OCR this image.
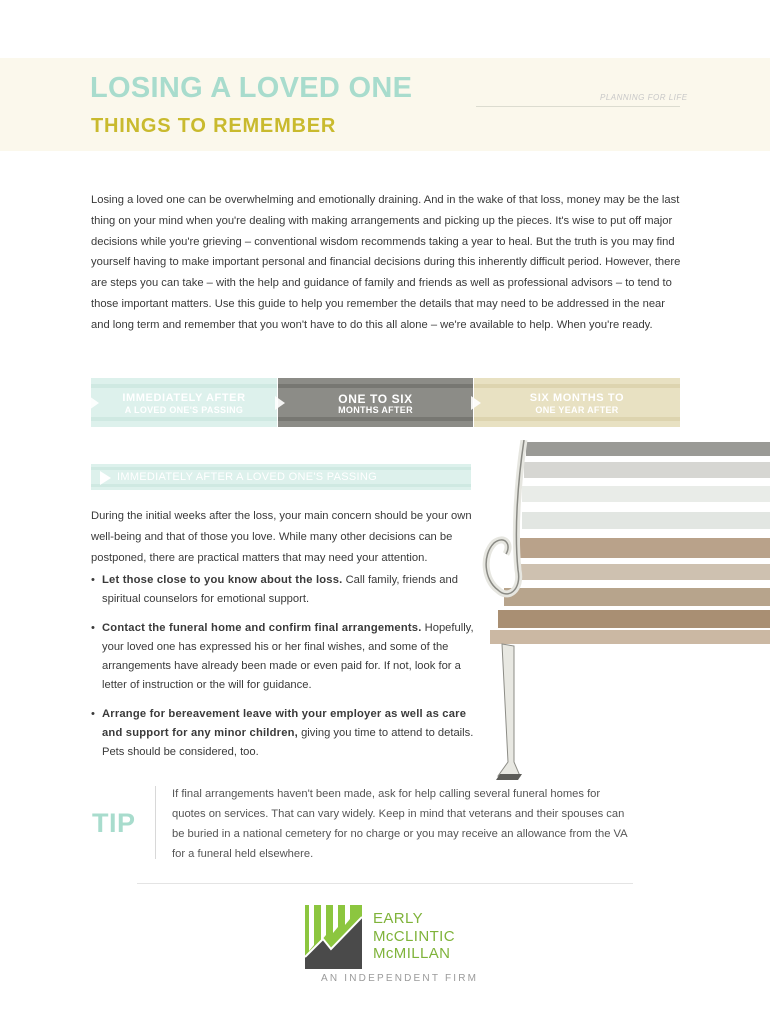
LOSING A LOVED ONE
THINGS TO REMEMBER
PLANNING FOR LIFE
Losing a loved one can be overwhelming and emotionally draining. And in the wake of that loss, money may be the last thing on your mind when you're dealing with making arrangements and picking up the pieces. It's wise to put off major decisions while you're grieving – conventional wisdom recommends taking a year to heal. But the truth is you may find yourself having to make important personal and financial decisions during this inherently difficult period. However, there are steps you can take – with the help and guidance of family and friends as well as professional advisors – to tend to those important matters. Use this guide to help you remember the details that may need to be addressed in the near and long term and remember that you won't have to do this all alone – we're available to help. When you're ready.
IMMEDIATELY AFTER
A LOVED ONE'S PASSING
ONE TO SIX
MONTHS AFTER
SIX MONTHS TO
ONE YEAR AFTER
IMMEDIATELY AFTER A LOVED ONE'S PASSING
During the initial weeks after the loss, your main concern should be your own well-being and that of those you love. While many other decisions can be postponed, there are practical matters that may need your attention.
• Let those close to you know about the loss. Call family, friends and spiritual counselors for emotional support.
• Contact the funeral home and confirm final arrangements. Hopefully, your loved one has expressed his or her final wishes, and some of the arrangements have already been made or even paid for. If not, look for a letter of instruction or the will for guidance.
• Arrange for bereavement leave with your employer as well as care and support for any minor children, giving you time to attend to details. Pets should be considered, too.
TIP
If final arrangements haven't been made, ask for help calling several funeral homes for quotes on services. That can vary widely. Keep in mind that veterans and their spouses can be buried in a national cemetery for no charge or you may receive an allowance from the VA for a funeral held elsewhere.
EARLY
McCLINTIC
McMILLAN
AN INDEPENDENT FIRM
